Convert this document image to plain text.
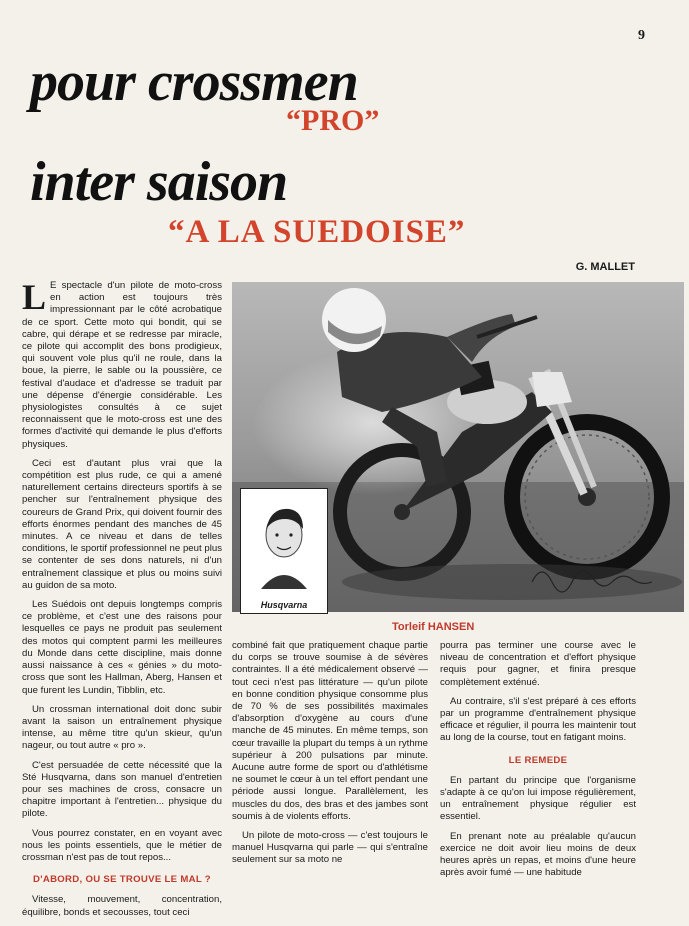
9
pour crossmen
“PRO”
inter saison
“A LA SUEDOISE”
G. MALLET

L E spectacle d'un pilote de moto-cross en action est toujours très impressionnant par le côté acrobatique de ce sport. Cette moto qui bondit, qui se cabre, qui dérape et se redresse par miracle, ce pilote qui accomplit des bons prodigieux, qui souvent vole plus qu'il ne roule, dans la boue, la pierre, le sable ou la poussière, ce festival d'audace et d'adresse se traduit par une dépense d'énergie considérable. Les physiologistes consultés à ce sujet reconnaissent que le moto-cross est une des formes d'activité qui demande le plus d'efforts physiques.

Ceci est d'autant plus vrai que la compétition est plus rude, ce qui a amené naturellement certains directeurs sportifs à se pencher sur l'entraînement physique des coureurs de Grand Prix, qui doivent fournir des efforts énormes pendant des manches de 45 minutes. A ce niveau et dans de telles conditions, le sportif professionnel ne peut plus se contenter de ses dons naturels, ni d'un entraînement classique et plus ou moins suivi au guidon de sa moto.

Les Suédois ont depuis longtemps compris ce problème, et c'est une des raisons pour lesquelles ce pays ne produit pas seulement des motos qui comptent parmi les meilleures du Monde dans cette discipline, mais donne aussi naissance à ces « génies » du moto-cross que sont les Hallman, Aberg, Hansen et que furent les Lundin, Tibblin, etc.

Un crossman international doit donc subir avant la saison un entraînement physique intense, au même titre qu'un skieur, qu'un nageur, ou tout autre « pro ».

C'est persuadée de cette nécessité que la Sté Husqvarna, dans son manuel d'entretien pour ses machines de cross, consacre un chapitre important à l'entretien... physique du pilote.

Vous pourrez constater, en en voyant avec nous les points essentiels, que le métier de crossman n'est pas de tout repos...

D'ABORD, OU SE TROUVE LE MAL ?

Vitesse, mouvement, concentration, équilibre, bonds et secousses, tout ceci

Husqvarna
Torleif HANSEN

combiné fait que pratiquement chaque partie du corps se trouve soumise à de sévères contraintes. Il a été médicalement observé — tout ceci n'est pas littérature — qu'un pilote en bonne condition physique consomme plus de 70 % de ses possibilités maximales d'absorption d'oxygène au cours d'une manche de 45 minutes. En même temps, son cœur travaille la plupart du temps à un rythme supérieur à 200 pulsations par minute. Aucune autre forme de sport ou d'athlétisme ne soumet le cœur à un tel effort pendant une période aussi longue. Parallèlement, les muscles du dos, des bras et des jambes sont soumis à de violents efforts.

Un pilote de moto-cross — c'est toujours le manuel Husqvarna qui parle — qui s'entraîne seulement sur sa moto ne

pourra pas terminer une course avec le niveau de concentration et d'effort physique requis pour gagner, et finira presque complètement exténué.

Au contraire, s'il s'est préparé à ces efforts par un programme d'entraînement physique efficace et régulier, il pourra les maintenir tout au long de la course, tout en fatigant moins.

LE REMEDE

En partant du principe que l'organisme s'adapte à ce qu'on lui impose régulièrement, un entraînement physique régulier est essentiel.

En prenant note au préalable qu'aucun exercice ne doit avoir lieu moins de deux heures après un repas, et moins d'une heure après avoir fumé — une habitude
